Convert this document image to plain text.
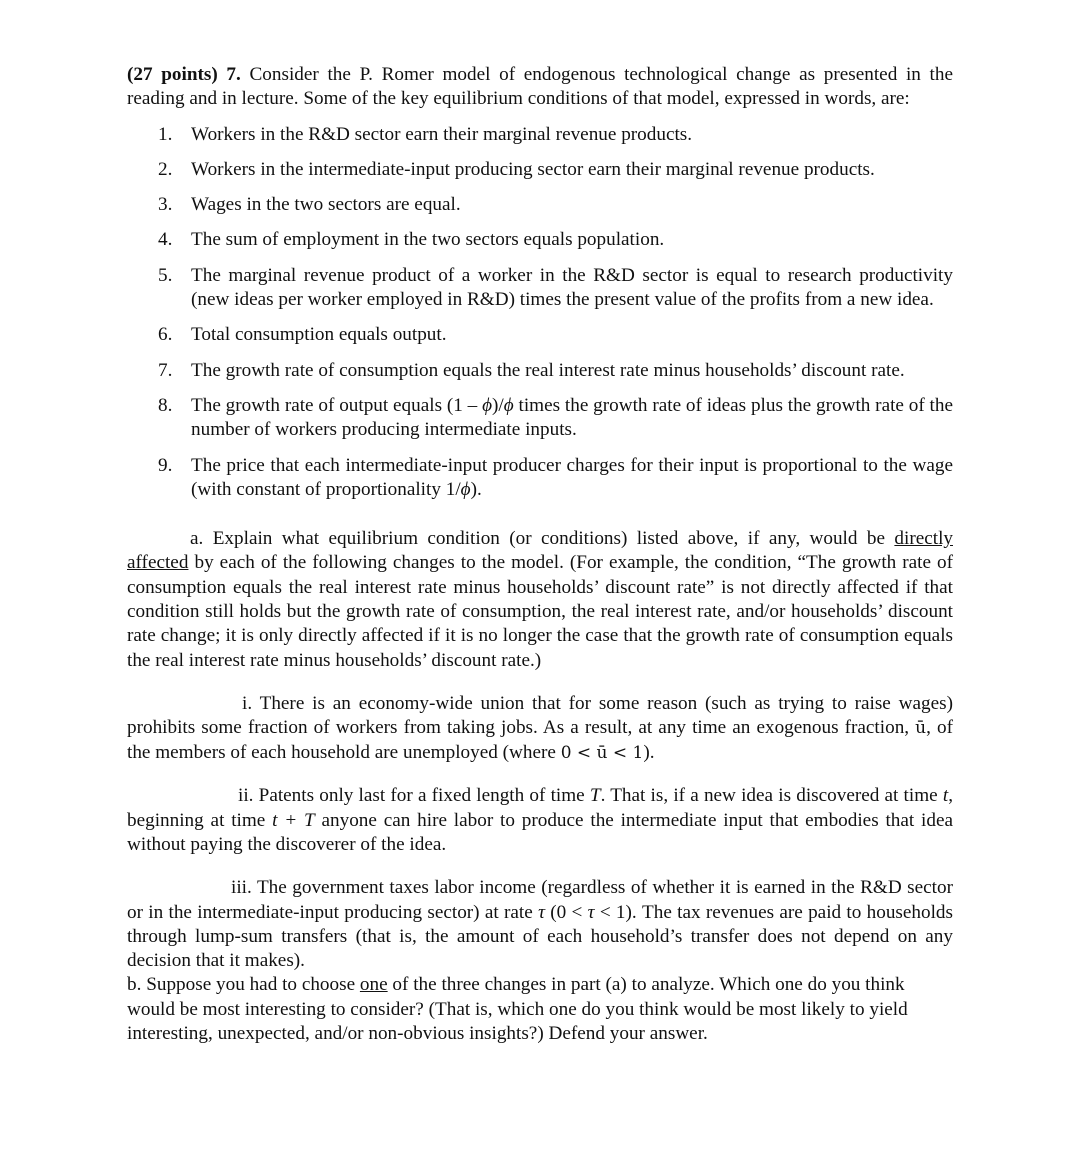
(27 points) 7. Consider the P. Romer model of endogenous technological change as presented in the reading and in lecture. Some of the key equilibrium conditions of that model, expressed in words, are:

1. Workers in the R&D sector earn their marginal revenue products.
2. Workers in the intermediate-input producing sector earn their marginal revenue products.
3. Wages in the two sectors are equal.
4. The sum of employment in the two sectors equals population.
5. The marginal revenue product of a worker in the R&D sector is equal to research productivity (new ideas per worker employed in R&D) times the present value of the profits from a new idea.
6. Total consumption equals output.
7. The growth rate of consumption equals the real interest rate minus households’ discount rate.
8. The growth rate of output equals (1 – ϕ)/ϕ times the growth rate of ideas plus the growth rate of the number of workers producing intermediate inputs.
9. The price that each intermediate-input producer charges for their input is proportional to the wage (with constant of proportionality 1/ϕ).

a. Explain what equilibrium condition (or conditions) listed above, if any, would be directly affected by each of the following changes to the model. (For example, the condition, “The growth rate of consumption equals the real interest rate minus households’ discount rate” is not directly affected if that condition still holds but the growth rate of consumption, the real interest rate, and/or households’ discount rate change; it is only directly affected if it is no longer the case that the growth rate of consumption equals the real interest rate minus households’ discount rate.)

i. There is an economy-wide union that for some reason (such as trying to raise wages) prohibits some fraction of workers from taking jobs. As a result, at any time an exogenous fraction, ū, of the members of each household are unemployed (where 0 < ū < 1).

ii. Patents only last for a fixed length of time T. That is, if a new idea is discovered at time t, beginning at time t + T anyone can hire labor to produce the intermediate input that embodies that idea without paying the discoverer of the idea.

iii. The government taxes labor income (regardless of whether it is earned in the R&D sector or in the intermediate-input producing sector) at rate τ (0 < τ < 1). The tax revenues are paid to households through lump-sum transfers (that is, the amount of each household’s transfer does not depend on any decision that it makes).

b. Suppose you had to choose one of the three changes in part (a) to analyze. Which one do you think would be most interesting to consider? (That is, which one do you think would be most likely to yield interesting, unexpected, and/or non-obvious insights?) Defend your answer.
